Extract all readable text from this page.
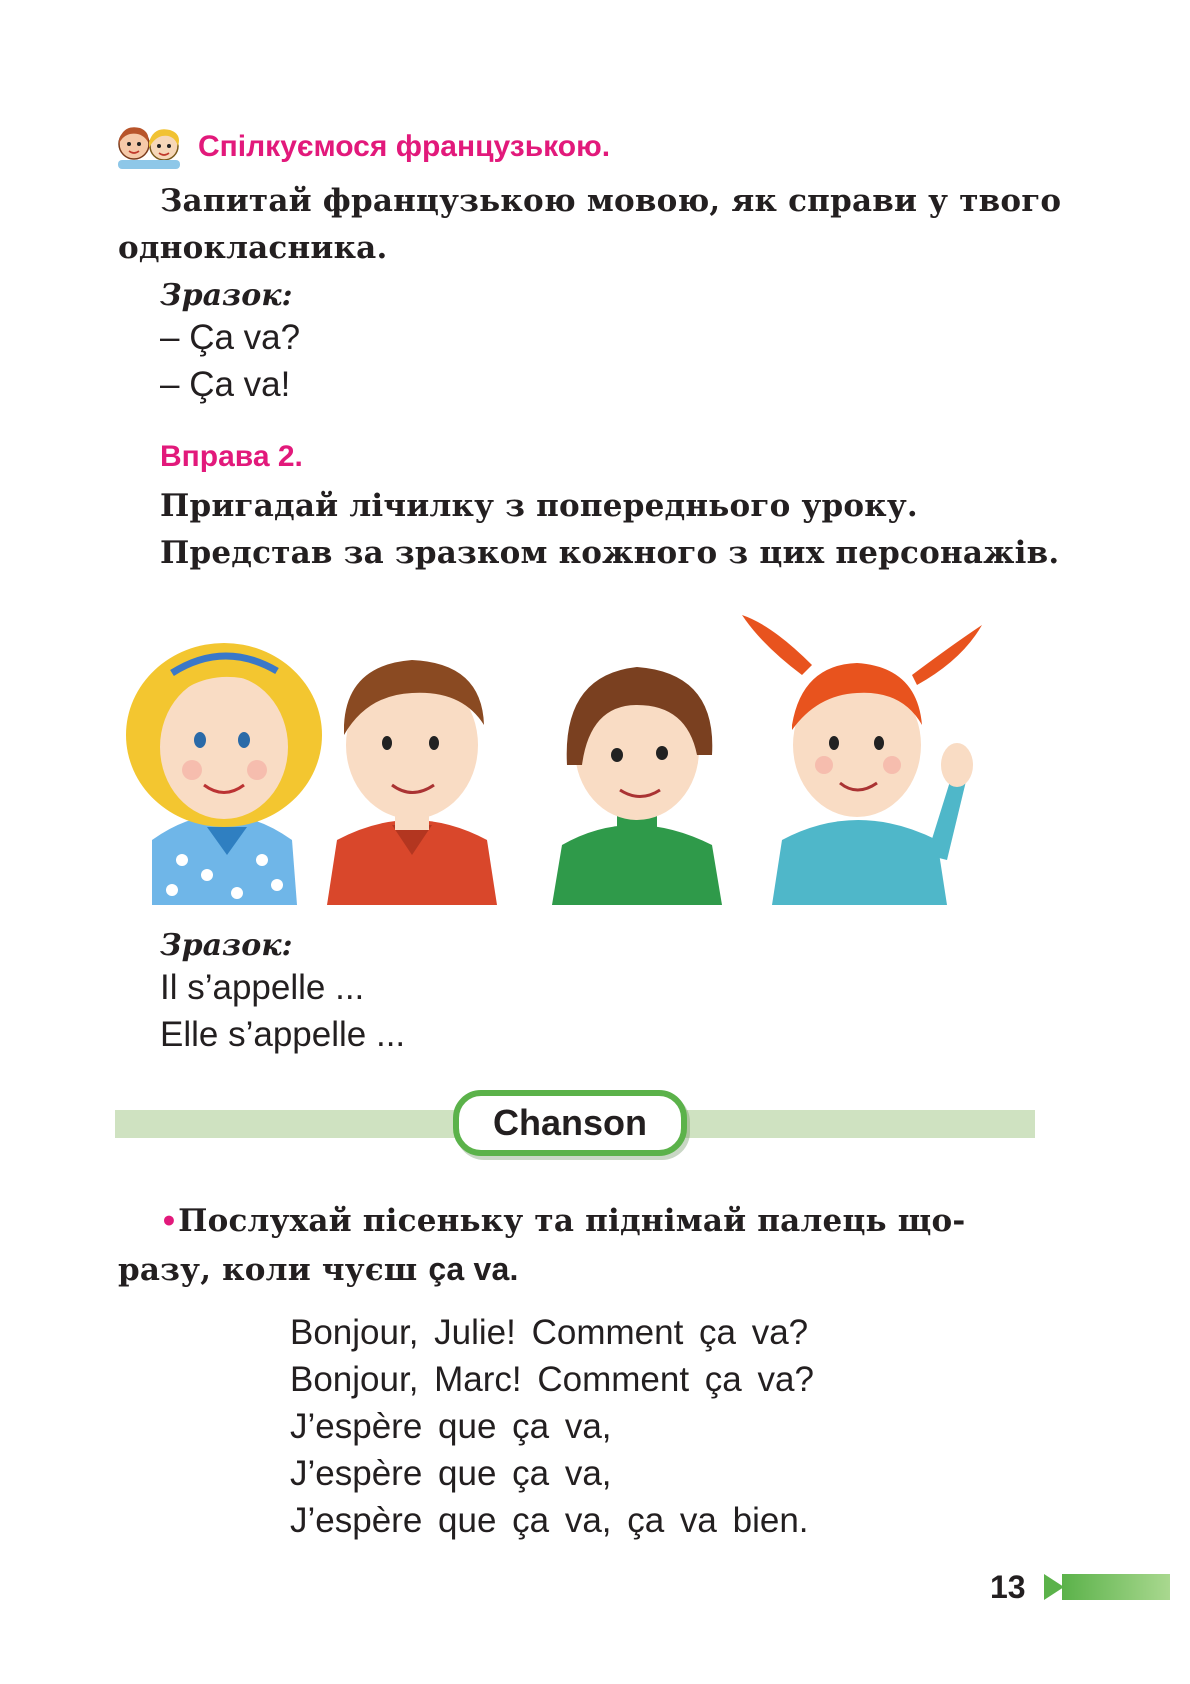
Спілкуємося французькою.
Запитай французькою мовою, як справи у твого
однокласника.
Зразок:
– Ça va?
– Ça va!
Вправа 2.
Пригадай лічилку з попереднього уроку.
Представ за зразком кожного з цих персонажів.
Зразок:
Il s’appelle ...
Elle s’appelle ...
Chanson
•Послухай пісеньку та піднімай палець що-
разу, коли чуєш ça va.
Bonjour, Julie! Comment ça va?
Bonjour, Marc! Comment ça va?
J’espère que ça va,
J’espère que ça va,
J’espère que ça va, ça va bien.
13
